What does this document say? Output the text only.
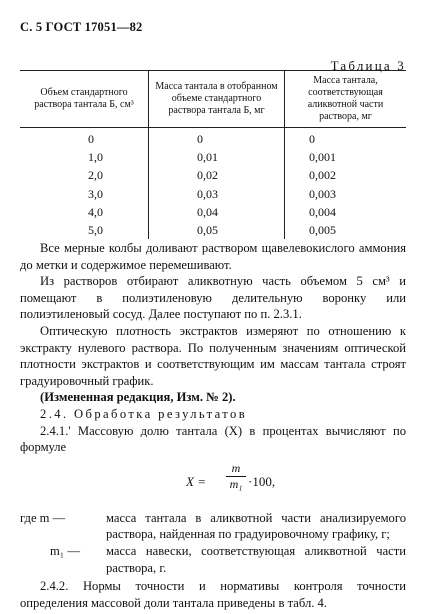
С. 5 ГОСТ 17051—82
Таблица 3
Объем стандартного раствора тантала Б, см³
Масса тантала в отобранном объеме стандартного раствора тантала Б, мг
Масса тантала, соответствующая аликвотной части раствора, мг
0
1,0
2,0
3,0
4,0
5,0
0
0,01
0,02
0,03
0,04
0,05
0
0,001
0,002
0,003
0,004
0,005

Все мерные колбы доливают раствором щавелевокислого аммония до метки и содержимое перемешивают.

Из растворов отбирают аликвотную часть объемом 5 см³ и помещают в полиэтиленовую делительную воронку или полиэтиленовый сосуд. Далее поступают по п. 2.3.1.

Оптическую плотность экстрактов измеряют по отношению к экстракту нулевого раствора. По полученным значениям оптической плотности экстрактов и соответствующим им массам тантала строят градуировочный график.

(Измененная редакция, Изм. № 2).

2.4. Обработка результатов

2.4.1.' Массовую долю тантала (X) в процентах вычисляют по формуле

X =
m
m₁ ·100,
где m —	масса тантала в аликвотной части анализируемого раствора, найденная по градуировочному графику, г;
m₁ —	масса навески, соответствующая аликвотной части раствора, г.

2.4.2. Нормы точности и нормативы контроля точности определения массовой доли тантала приведены в табл. 4.
